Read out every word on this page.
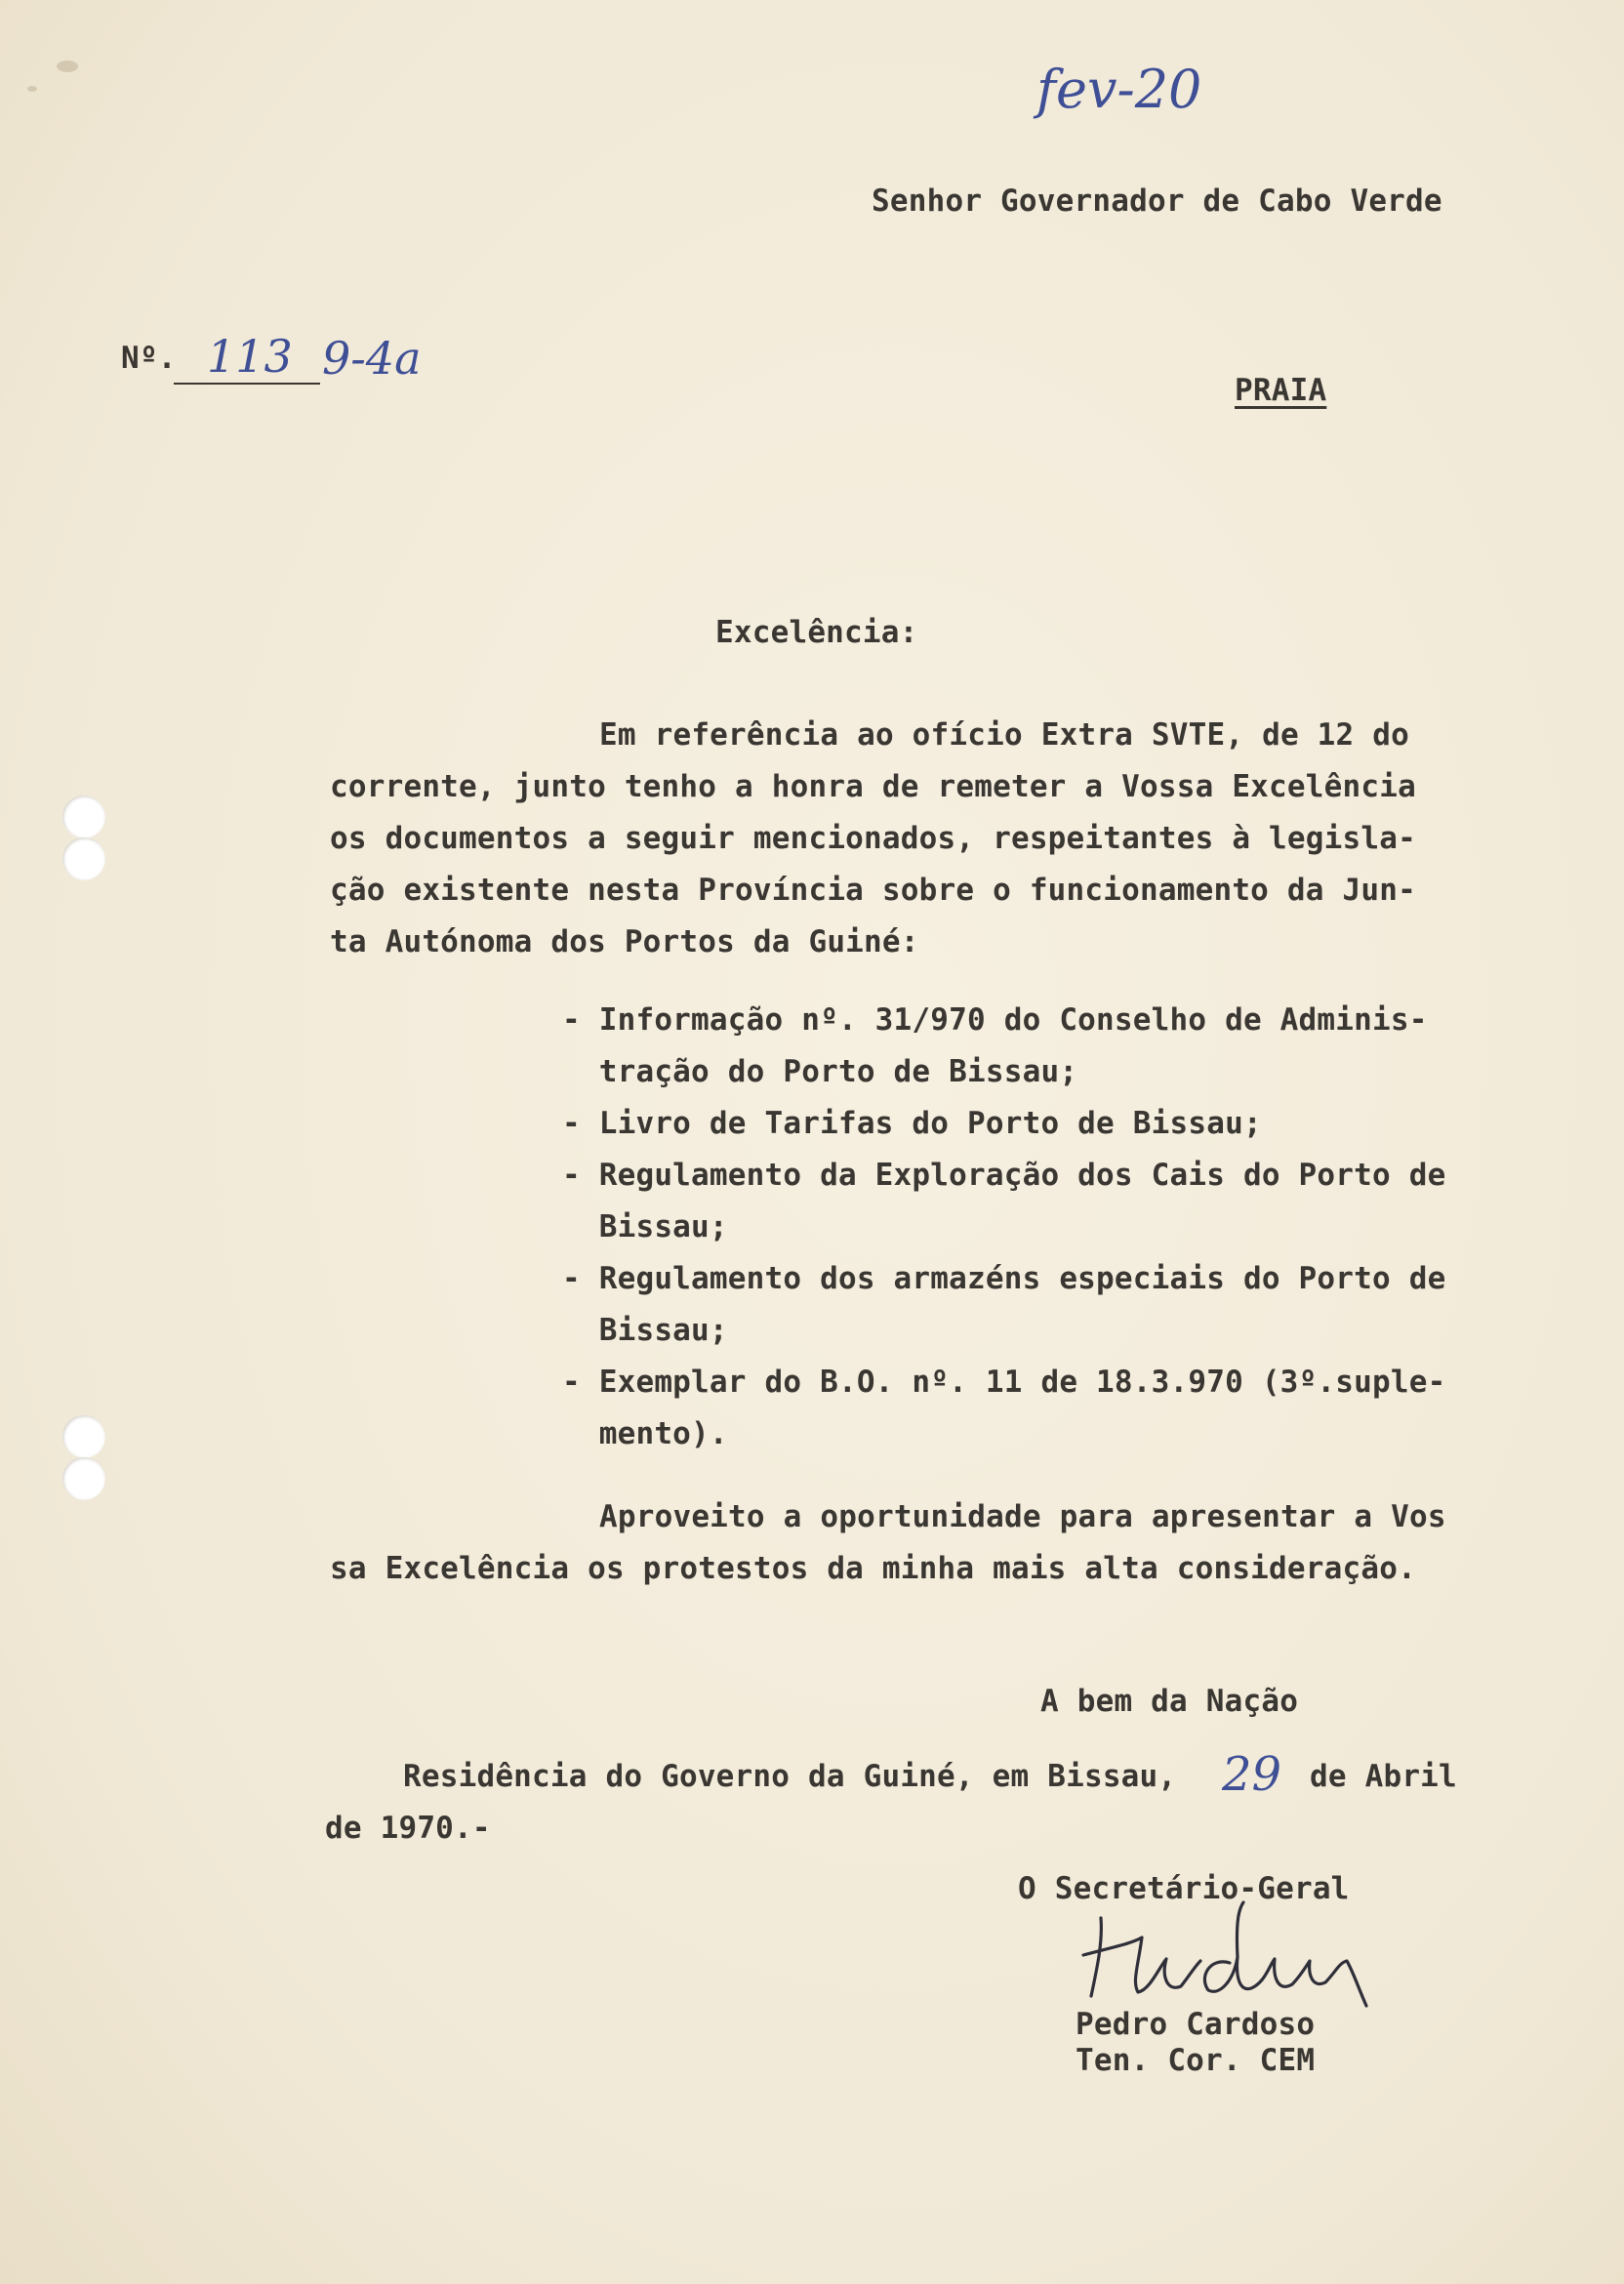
fev-20
Senhor Governador de Cabo Verde
Nº. 113 9-4a
PRAIA
Excelência:
Em referência ao ofício Extra SVTE, de 12 do
corrente, junto tenho a honra de remeter a Vossa Excelência
os documentos a seguir mencionados, respeitantes à legisla-
ção existente nesta Província sobre o funcionamento da Jun-
ta Autónoma dos Portos da Guiné:
- Informação nº. 31/970 do Conselho de Adminis-
tração do Porto de Bissau;
- Livro de Tarifas do Porto de Bissau;
- Regulamento da Exploração dos Cais do Porto de
Bissau;
- Regulamento dos armazéns especiais do Porto de
Bissau;
- Exemplar do B.O. nº. 11 de 18.3.970 (3º.suple-
mento).
Aproveito a oportunidade para apresentar a Vos
sa Excelência os protestos da minha mais alta consideração.
A bem da Nação
Residência do Governo da Guiné, em Bissau, 29 de Abril
de 1970.-
O Secretário-Geral
Pedro Cardoso
Ten. Cor. CEM
